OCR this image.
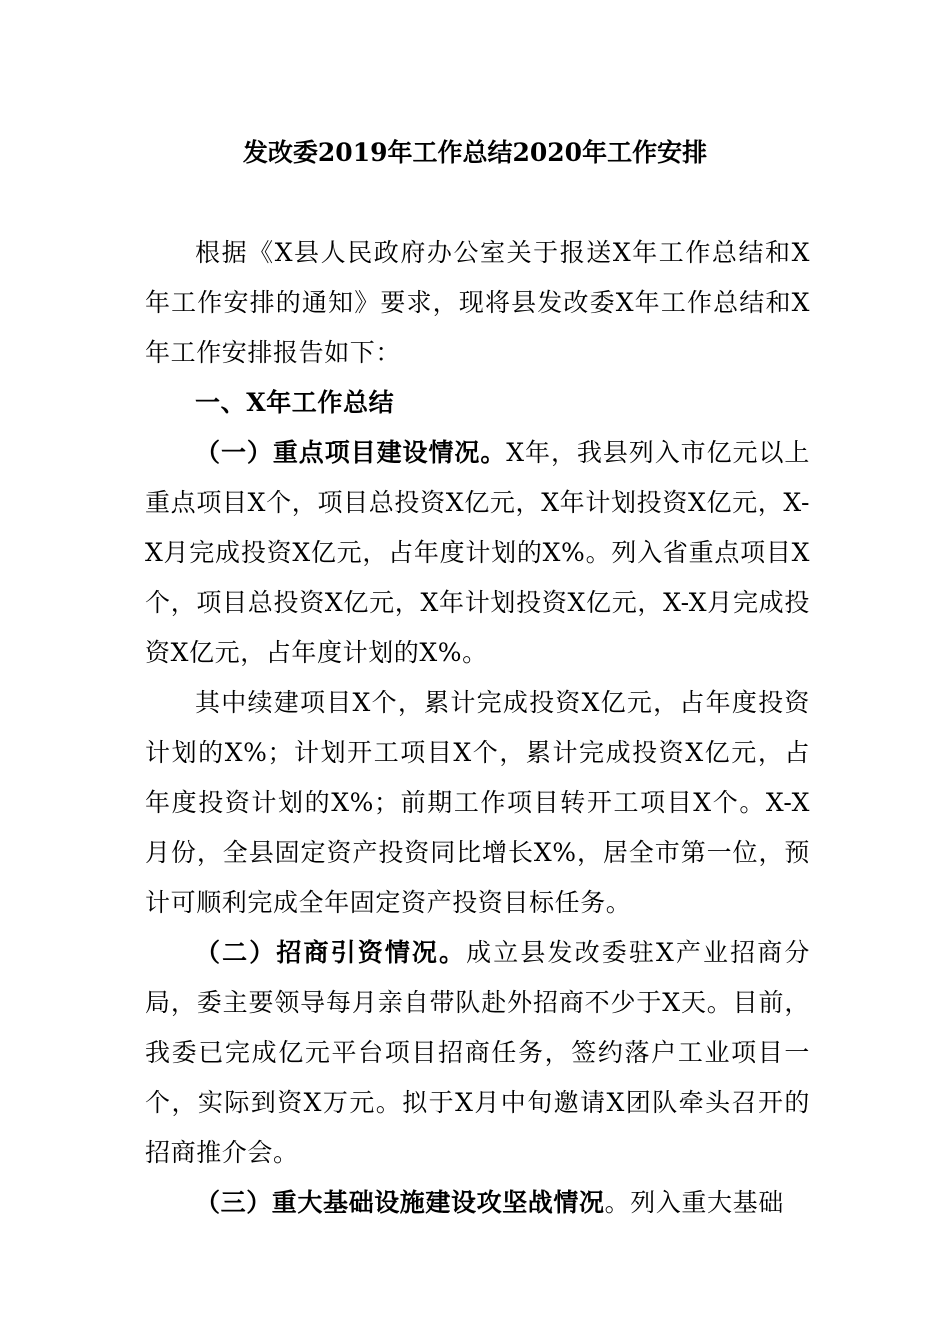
发改委2019年工作总结2020年工作安排

根据《X县人民政府办公室关于报送X年工作总结和X年工作安排的通知》要求，现将县发改委X年工作总结和X年工作安排报告如下：

一、X年工作总结

（一）重点项目建设情况。X年，我县列入市亿元以上重点项目X个，项目总投资X亿元，X年计划投资X亿元，X-X月完成投资X亿元，占年度计划的X%。列入省重点项目X个，项目总投资X亿元，X年计划投资X亿元，X-X月完成投资X亿元，占年度计划的X%。

其中续建项目X个，累计完成投资X亿元，占年度投资计划的X%；计划开工项目X个，累计完成投资X亿元，占年度投资计划的X%；前期工作项目转开工项目X个。X-X月份，全县固定资产投资同比增长X%，居全市第一位，预计可顺利完成全年固定资产投资目标任务。

（二）招商引资情况。成立县发改委驻X产业招商分局，委主要领导每月亲自带队赴外招商不少于X天。目前，我委已完成亿元平台项目招商任务，签约落户工业项目一个，实际到资X万元。拟于X月中旬邀请X团队牵头召开的招商推介会。

（三）重大基础设施建设攻坚战情况。列入重大基础
